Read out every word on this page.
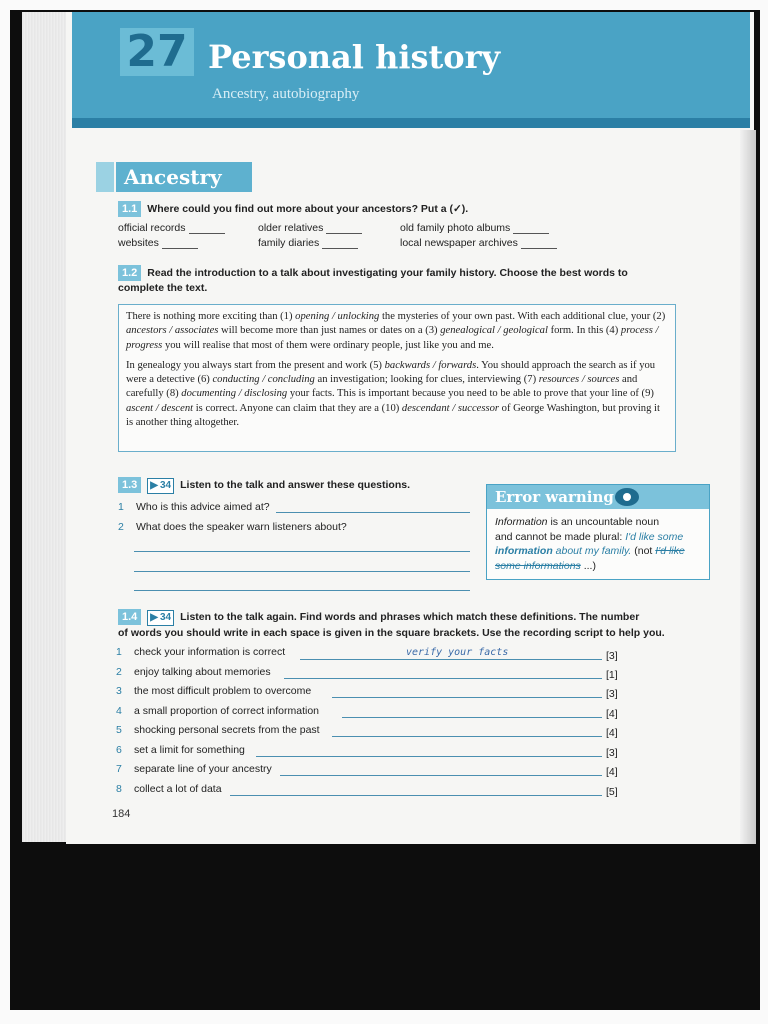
27 Personal history
Ancestry, autobiography
Ancestry
1.1 Where could you find out more about your ancestors? Put a (✓).
official records	older relatives	old family photo albums
websites	family diaries	local newspaper archives
1.2 Read the introduction to a talk about investigating your family history. Choose the best words to
complete the text.

There is nothing more exciting than (1) opening / unlocking the mysteries of your own past. With each additional clue, your (2) ancestors / associates will become more than just names or dates on a (3) genealogical / geological form. In this (4) process / progress you will realise that most of them were ordinary people, just like you and me.

In genealogy you always start from the present and work (5) backwards / forwards. You should approach the search as if you were a detective (6) conducting / concluding an investigation; looking for clues, interviewing (7) resources / sources and carefully (8) documenting / disclosing your facts. This is important because you need to be able to prove that your line of (9) ascent / descent is correct. Anyone can claim that they are a (10) descendant / successor of George Washington, but proving it is another thing altogether.

1.3 ▶ 34 Listen to the talk and answer these questions.
1 Who is this advice aimed at?
2 What does the speaker warn listeners about?
Error warning
Information is an uncountable noun
and cannot be made plural: I'd like some
information about my family. (not I'd like
some informations ...)
1.4 ▶ 34 Listen to the talk again. Find words and phrases which match these definitions. The number
of words you should write in each space is given in the square brackets. Use the recording script to help you.
1 check your information is correct	verify your facts	[3]
2 enjoy talking about memories	[1]
3 the most difficult problem to overcome	[3]
4 a small proportion of correct information	[4]
5 shocking personal secrets from the past	[4]
6 set a limit for something	[3]
7 separate line of your ancestry	[4]
8 collect a lot of data	[5]
184
